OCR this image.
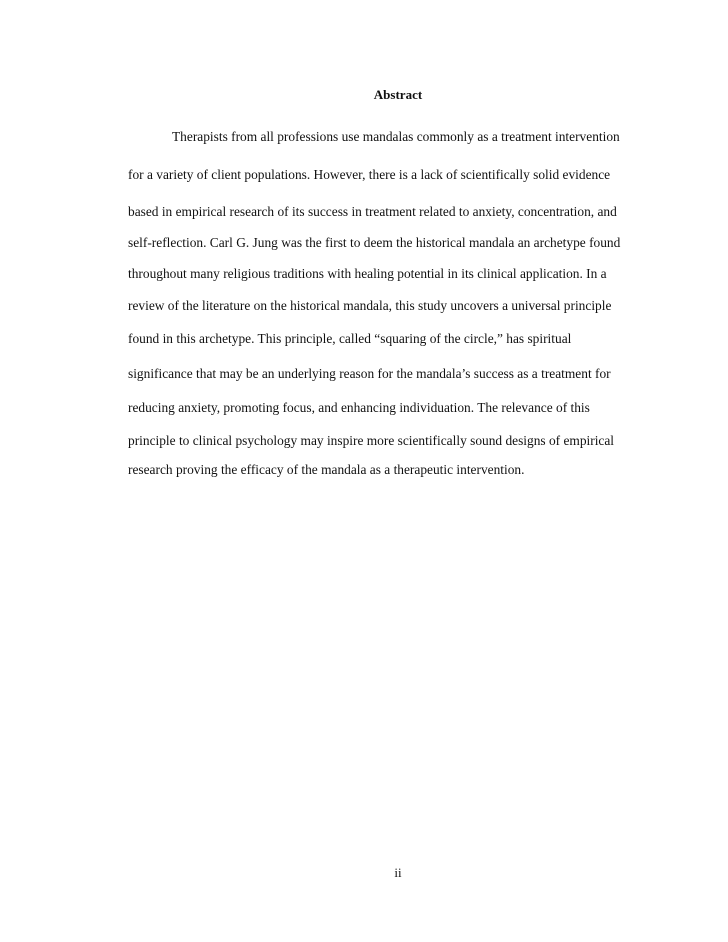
Abstract
Therapists from all professions use mandalas commonly as a treatment intervention
for a variety of client populations. However, there is a lack of scientifically solid evidence
based in empirical research of its success in treatment related to anxiety, concentration, and
self-reflection. Carl G. Jung was the first to deem the historical mandala an archetype found
throughout many religious traditions with healing potential in its clinical application. In a
review of the literature on the historical mandala, this study uncovers a universal principle
found in this archetype. This principle, called “squaring of the circle,” has spiritual
significance that may be an underlying reason for the mandala’s success as a treatment for
reducing anxiety, promoting focus, and enhancing individuation. The relevance of this
principle to clinical psychology may inspire more scientifically sound designs of empirical
research proving the efficacy of the mandala as a therapeutic intervention.
ii
